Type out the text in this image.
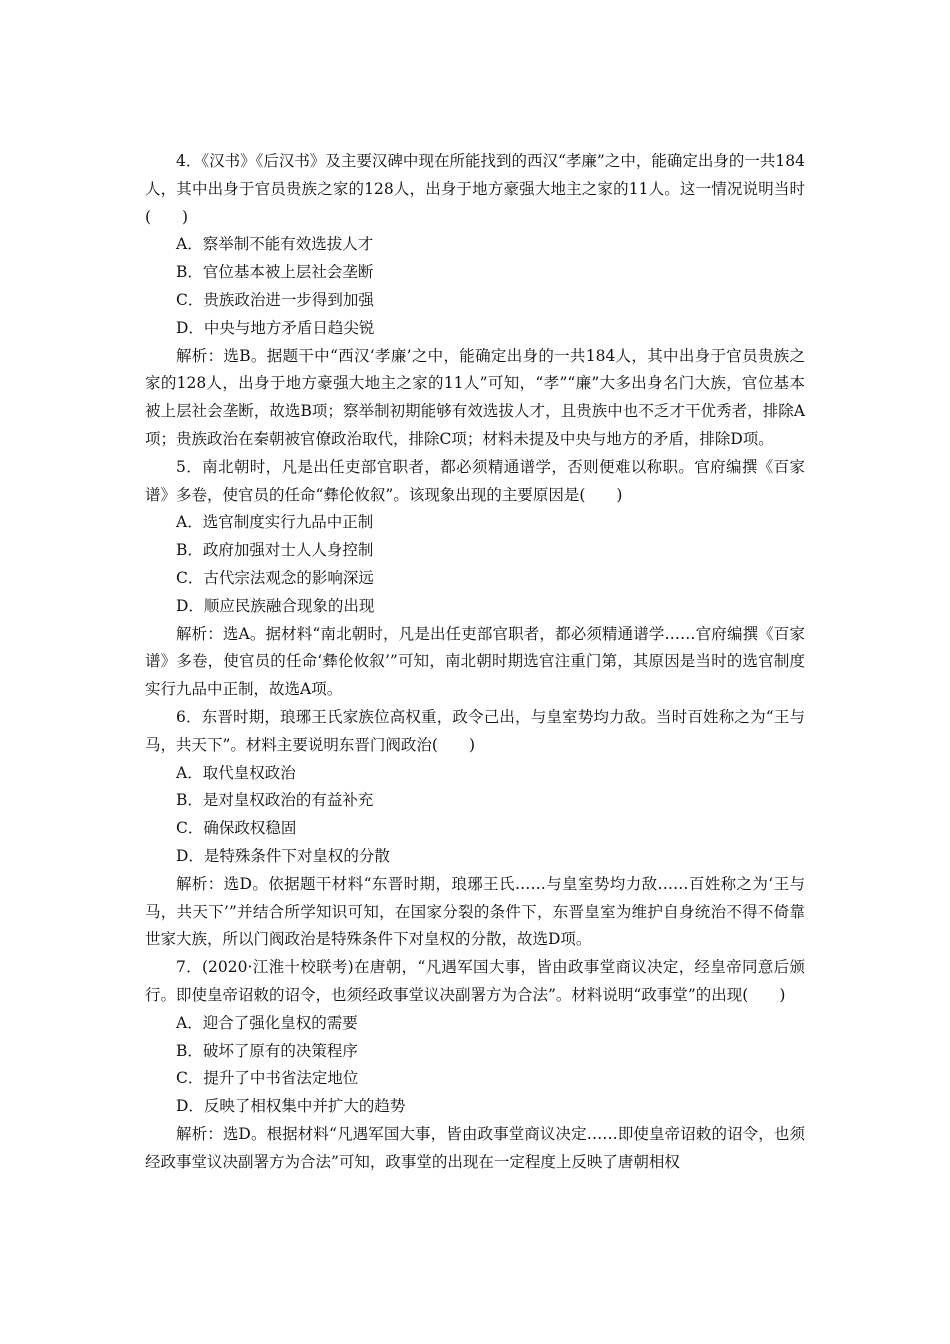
4．《汉书》《后汉书》及主要汉碑中现在所能找到的西汉“孝廉”之中，能确定出身的一共184人，其中出身于官员贵族之家的128人，出身于地方豪强大地主之家的11人。这一情况说明当时(　　)

A．察举制不能有效选拔人才

B．官位基本被上层社会垄断

C．贵族政治进一步得到加强

D．中央与地方矛盾日趋尖锐

解析：选B。据题干中“西汉‘孝廉’之中，能确定出身的一共184人，其中出身于官员贵族之家的128人，出身于地方豪强大地主之家的11人”可知，“孝”“廉”大多出身名门大族，官位基本被上层社会垄断，故选B项；察举制初期能够有效选拔人才，且贵族中也不乏才干优秀者，排除A项；贵族政治在秦朝被官僚政治取代，排除C项；材料未提及中央与地方的矛盾，排除D项。

5．南北朝时，凡是出任吏部官职者，都必须精通谱学，否则便难以称职。官府编撰《百家谱》多卷，使官员的任命“彝伦攸叙”。该现象出现的主要原因是(　　)

A．选官制度实行九品中正制

B．政府加强对士人人身控制

C．古代宗法观念的影响深远

D．顺应民族融合现象的出现

解析：选A。据材料“南北朝时，凡是出任吏部官职者，都必须精通谱学……官府编撰《百家谱》多卷，使官员的任命‘彝伦攸叙’”可知，南北朝时期选官注重门第，其原因是当时的选官制度实行九品中正制，故选A项。

6．东晋时期，琅琊王氏家族位高权重，政令己出，与皇室势均力敌。当时百姓称之为“王与马，共天下”。材料主要说明东晋门阀政治(　　)

A．取代皇权政治

B．是对皇权政治的有益补充

C．确保政权稳固

D．是特殊条件下对皇权的分散

解析：选D。依据题干材料“东晋时期，琅琊王氏……与皇室势均力敌……百姓称之为‘王与马，共天下’”并结合所学知识可知，在国家分裂的条件下，东晋皇室为维护自身统治不得不倚靠世家大族，所以门阀政治是特殊条件下对皇权的分散，故选D项。

7．(2020·江淮十校联考)在唐朝，“凡遇军国大事，皆由政事堂商议决定，经皇帝同意后颁行。即使皇帝诏敕的诏令，也须经政事堂议决副署方为合法”。材料说明“政事堂”的出现(　　)

A．迎合了强化皇权的需要

B．破坏了原有的决策程序

C．提升了中书省法定地位

D．反映了相权集中并扩大的趋势

解析：选D。根据材料“凡遇军国大事，皆由政事堂商议决定……即使皇帝诏敕的诏令，也须经政事堂议决副署方为合法”可知，政事堂的出现在一定程度上反映了唐朝相权
